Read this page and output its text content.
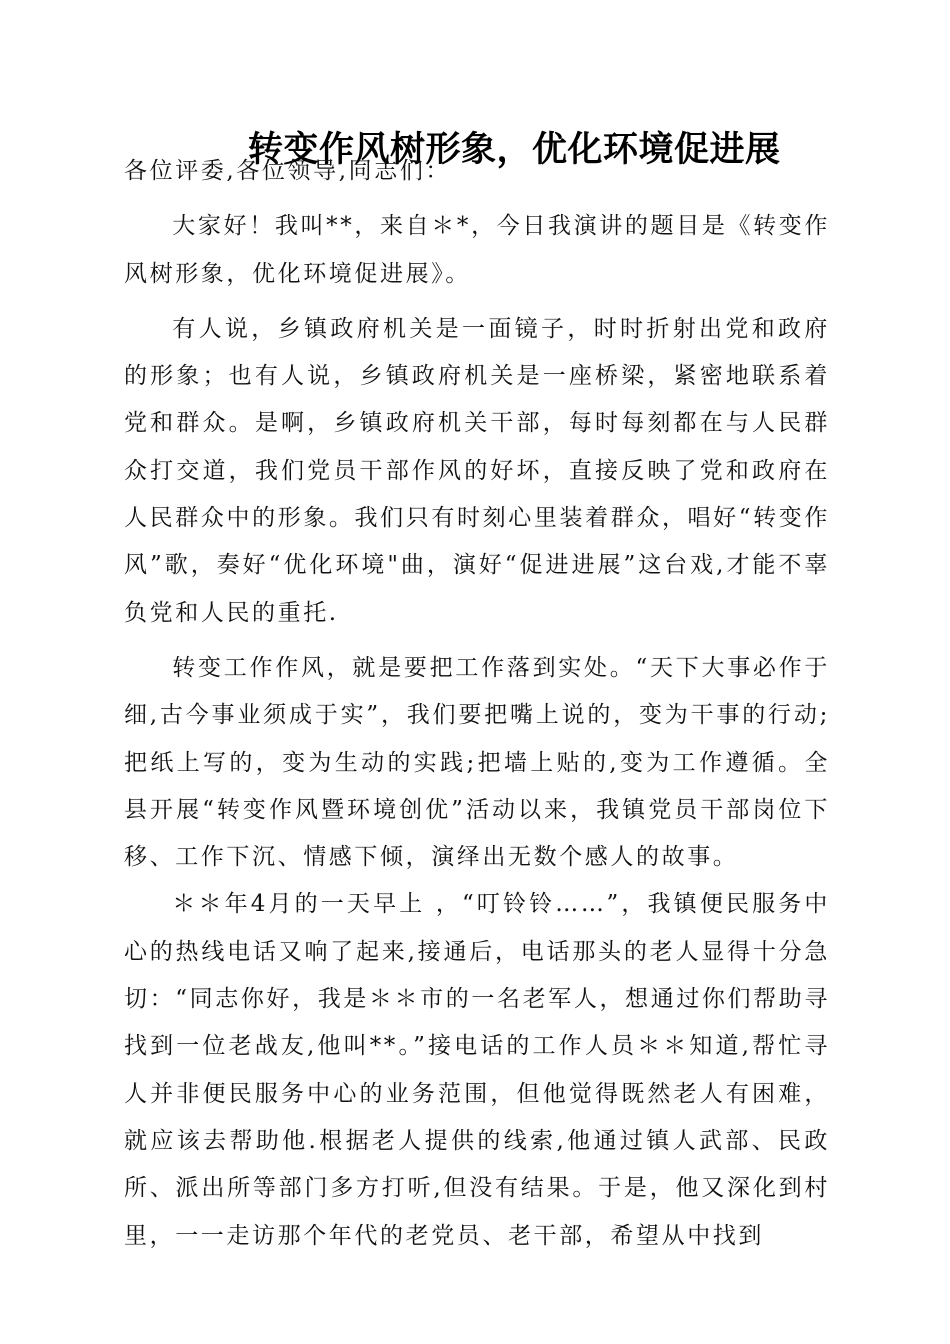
转变作风树形象，优化环境促进展

各位评委,各位领导,同志们：

大家好！我叫**，来自＊*，今日我演讲的题目是《转变作风树形象，优化环境促进展》。

有人说，乡镇政府机关是一面镜子，时时折射出党和政府的形象；也有人说，乡镇政府机关是一座桥梁，紧密地联系着党和群众。是啊，乡镇政府机关干部，每时每刻都在与人民群众打交道，我们党员干部作风的好坏，直接反映了党和政府在人民群众中的形象。我们只有时刻心里装着群众，唱好“转变作风”歌，奏好“优化环境"曲，演好“促进进展”这台戏,才能不辜负党和人民的重托.

转变工作作风，就是要把工作落到实处。“天下大事必作于细,古今事业须成于实”，我们要把嘴上说的，变为干事的行动;把纸上写的，变为生动的实践;把墙上贴的,变为工作遵循。全县开展“转变作风暨环境创优”活动以来，我镇党员干部岗位下移、工作下沉、情感下倾，演绎出无数个感人的故事。

＊＊年4月的一天早上 ，“叮铃铃……”，我镇便民服务中心的热线电话又响了起来,接通后，电话那头的老人显得十分急切：“同志你好，我是＊＊市的一名老军人，想通过你们帮助寻找到一位老战友,他叫**。”接电话的工作人员＊＊知道,帮忙寻人并非便民服务中心的业务范围，但他觉得既然老人有困难，就应该去帮助他.根据老人提供的线索,他通过镇人武部、民政所、派出所等部门多方打听,但没有结果。于是，他又深化到村里，一一走访那个年代的老党员、老干部，希望从中找到
